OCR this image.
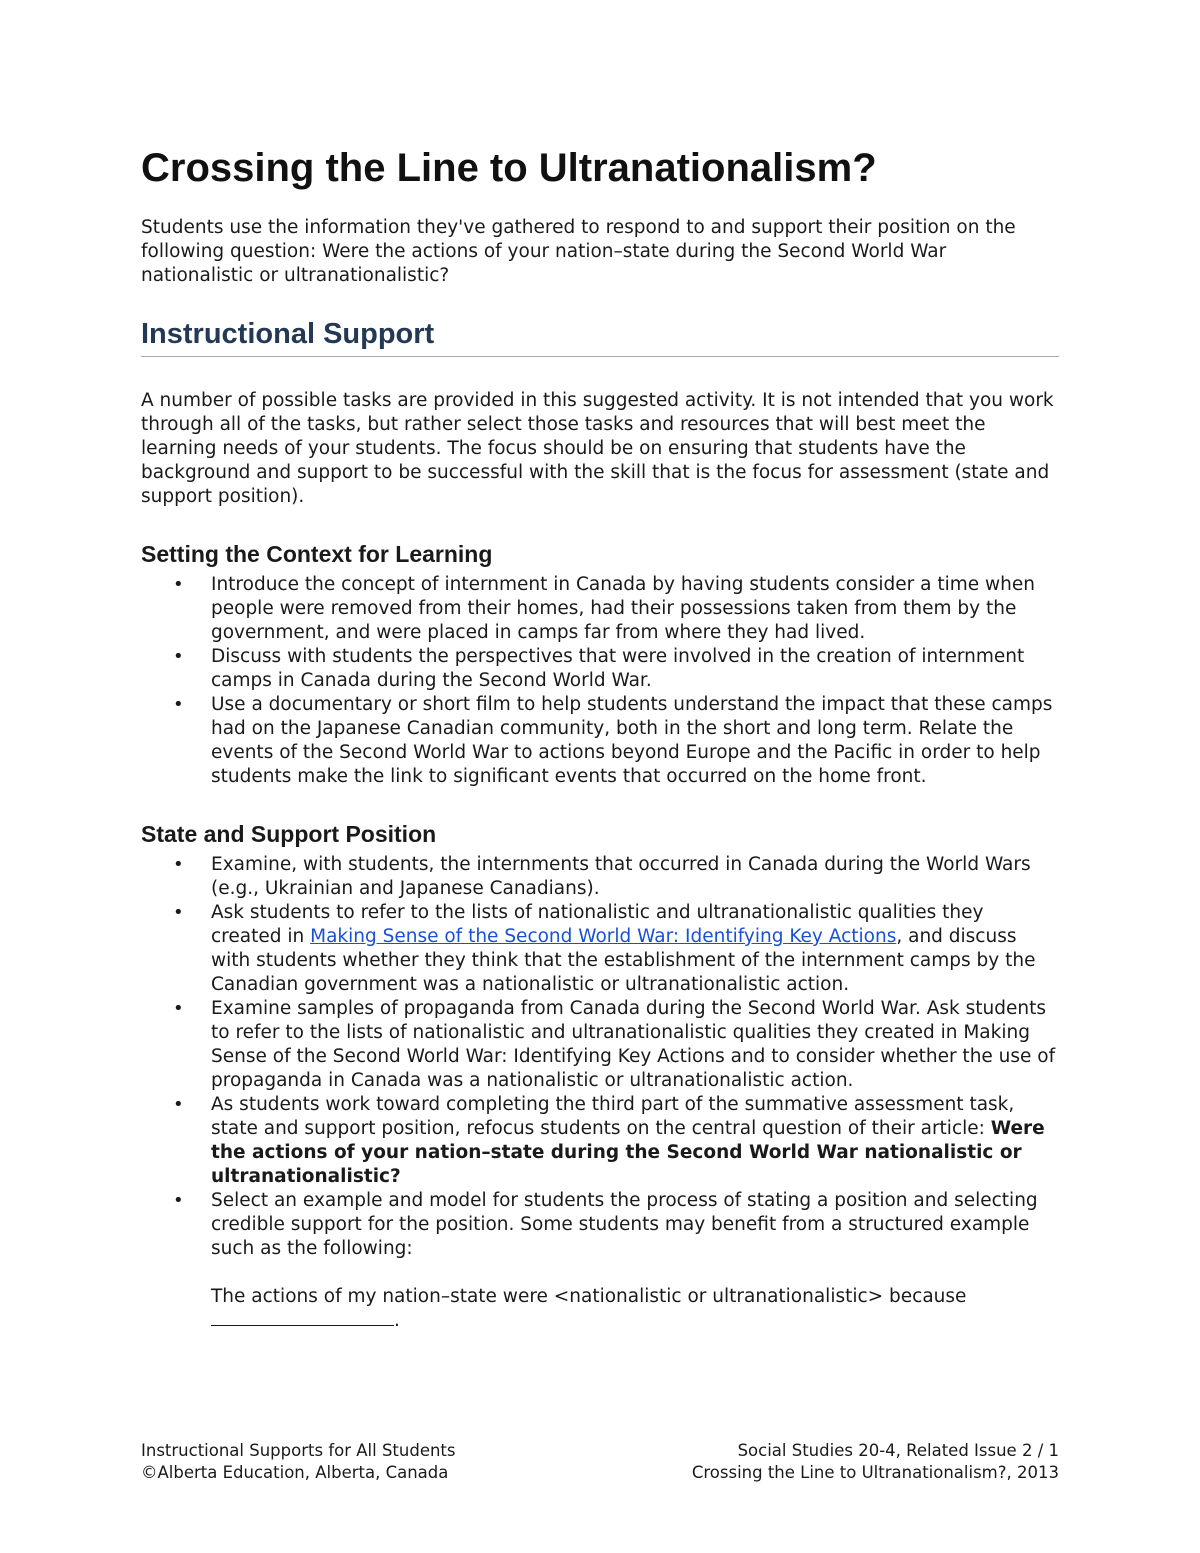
Crossing the Line to Ultranationalism?

Students use the information they've gathered to respond to and support their position on the following question: Were the actions of your nation–state during the Second World War nationalistic or ultranationalistic?

Instructional Support

A number of possible tasks are provided in this suggested activity. It is not intended that you work through all of the tasks, but rather select those tasks and resources that will best meet the learning needs of your students. The focus should be on ensuring that students have the background and support to be successful with the skill that is the focus for assessment (state and support position).

Setting the Context for Learning
• Introduce the concept of internment in Canada by having students consider a time when people were removed from their homes, had their possessions taken from them by the government, and were placed in camps far from where they had lived.
• Discuss with students the perspectives that were involved in the creation of internment camps in Canada during the Second World War.
• Use a documentary or short film to help students understand the impact that these camps had on the Japanese Canadian community, both in the short and long term. Relate the events of the Second World War to actions beyond Europe and the Pacific in order to help students make the link to significant events that occurred on the home front.
State and Support Position
• Examine, with students, the internments that occurred in Canada during the World Wars (e.g., Ukrainian and Japanese Canadians).
• Ask students to refer to the lists of nationalistic and ultranationalistic qualities they created in Making Sense of the Second World War: Identifying Key Actions, and discuss with students whether they think that the establishment of the internment camps by the Canadian government was a nationalistic or ultranationalistic action.
• Examine samples of propaganda from Canada during the Second World War. Ask students to refer to the lists of nationalistic and ultranationalistic qualities they created in Making Sense of the Second World War: Identifying Key Actions and to consider whether the use of propaganda in Canada was a nationalistic or ultranationalistic action.
• As students work toward completing the third part of the summative assessment task, state and support position, refocus students on the central question of their article: Were the actions of your nation–state during the Second World War nationalistic or ultranationalistic?
• Select an example and model for students the process of stating a position and selecting credible support for the position. Some students may benefit from a structured example such as the following:
The actions of my nation–state were <nationalistic or ultranationalistic> because
.
Instructional Supports for All Students
©Alberta Education, Alberta, Canada
Social Studies 20-4, Related Issue 2 / 1
Crossing the Line to Ultranationalism?, 2013
